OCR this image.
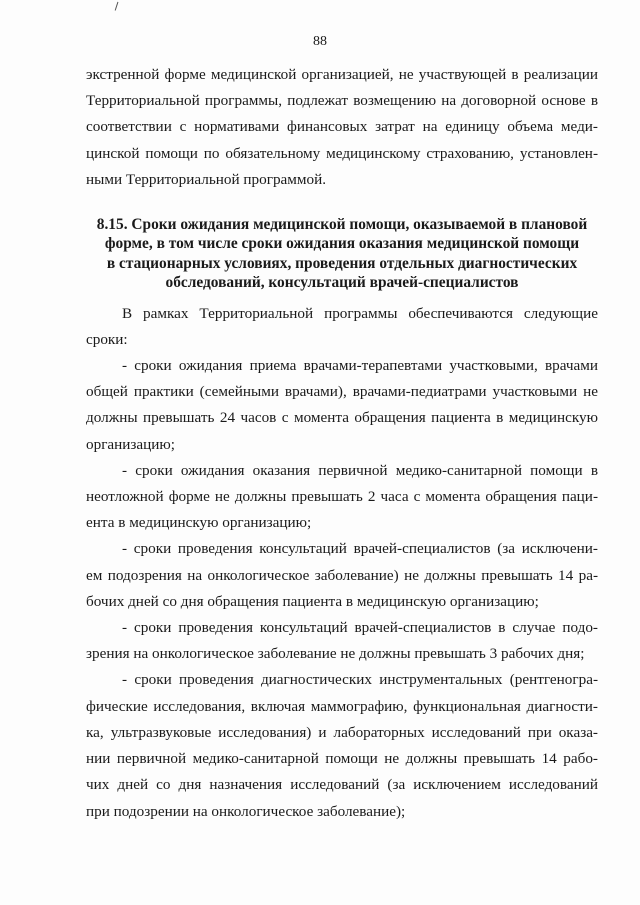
88
экстренной форме медицинской организацией, не участвующей в реализации
Территориальной программы, подлежат возмещению на договорной основе в
соответствии с нормативами финансовых затрат на единицу объема меди-
цинской помощи по обязательному медицинскому страхованию, установлен-
ными Территориальной программой.
8.15. Сроки ожидания медицинской помощи, оказываемой в плановой
форме, в том числе сроки ожидания оказания медицинской помощи
в стационарных условиях, проведения отдельных диагностических
обследований, консультаций врачей-специалистов
В рамках Территориальной программы обеспечиваются следующие
сроки:
- сроки ожидания приема врачами-терапевтами участковыми, врачами
общей практики (семейными врачами), врачами-педиатрами участковыми не
должны превышать 24 часов с момента обращения пациента в медицинскую
организацию;
- сроки ожидания оказания первичной медико-санитарной помощи в
неотложной форме не должны превышать 2 часа с момента обращения паци-
ента в медицинскую организацию;
- сроки проведения консультаций врачей-специалистов (за исключени-
ем подозрения на онкологическое заболевание) не должны превышать 14 ра-
бочих дней со дня обращения пациента в медицинскую организацию;
- сроки проведения консультаций врачей-специалистов в случае подо-
зрения на онкологическое заболевание не должны превышать 3 рабочих дня;
- сроки проведения диагностических инструментальных (рентгеногра-
фические исследования, включая маммографию, функциональная диагности-
ка, ультразвуковые исследования) и лабораторных исследований при оказа-
нии первичной медико-санитарной помощи не должны превышать 14 рабо-
чих дней со дня назначения исследований (за исключением исследований
при подозрении на онкологическое заболевание);
